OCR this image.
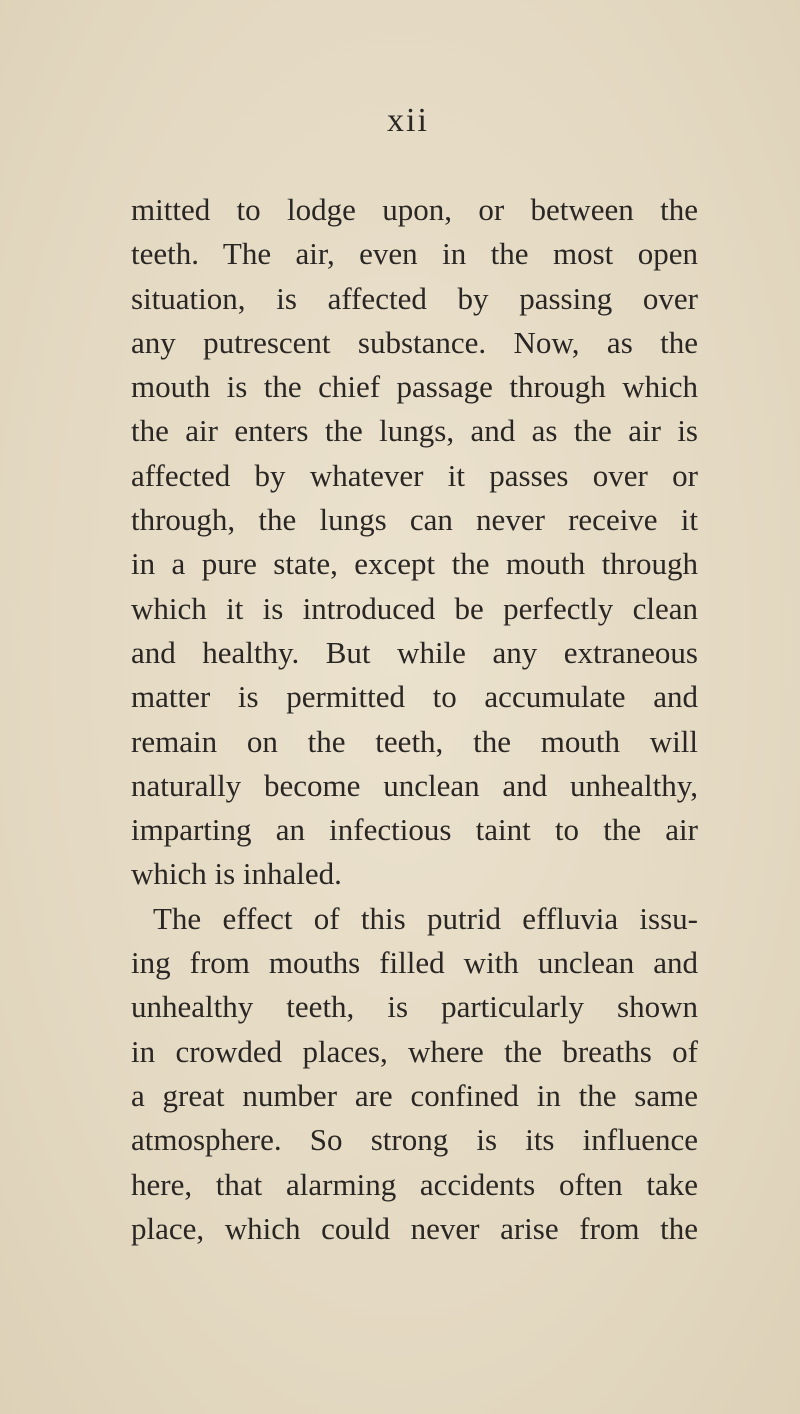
xii
mitted to lodge upon, or between the
teeth. The air, even in the most open
situation, is affected by passing over
any putrescent substance. Now, as the
mouth is the chief passage through which
the air enters the lungs, and as the air is
affected by whatever it passes over or
through, the lungs can never receive it
in a pure state, except the mouth through
which it is introduced be perfectly clean
and healthy. But while any extraneous
matter is permitted to accumulate and
remain on the teeth, the mouth will
naturally become unclean and unhealthy,
imparting an infectious taint to the air
which is inhaled.
The effect of this putrid effluvia issu-
ing from mouths filled with unclean and
unhealthy teeth, is particularly shown
in crowded places, where the breaths of
a great number are confined in the same
atmosphere. So strong is its influence
here, that alarming accidents often take
place, which could never arise from the
